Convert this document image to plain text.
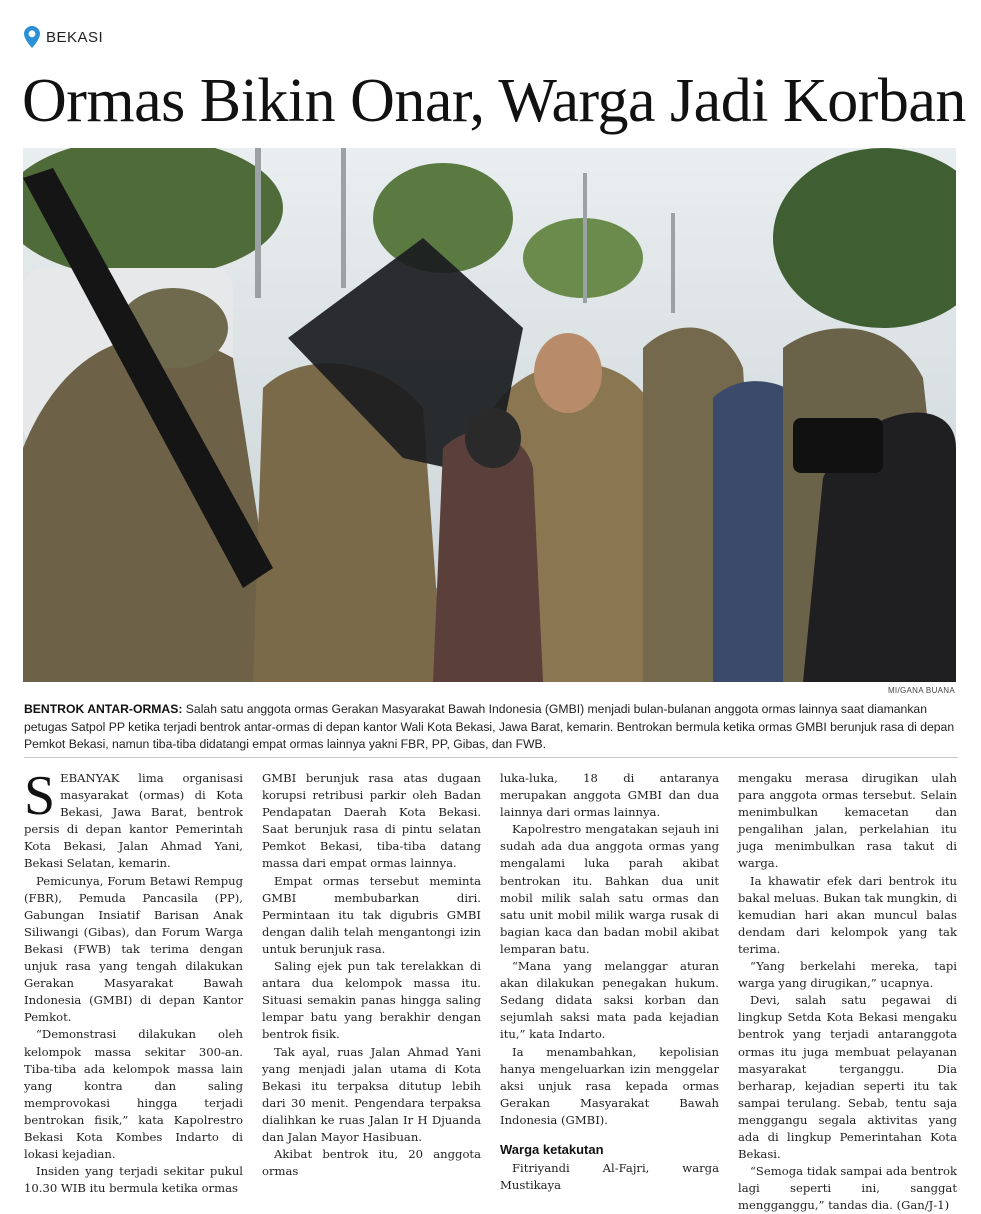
BEKASI
Ormas Bikin Onar, Warga Jadi Korban
MI/GANA BUANA

BENTROK ANTAR-ORMAS: Salah satu anggota ormas Gerakan Masyarakat Bawah Indonesia (GMBI) menjadi bulan-bulanan anggota ormas lainnya saat diamankan petugas Satpol PP ketika terjadi bentrok antar-ormas di depan kantor Wali Kota Bekasi, Jawa Barat, kemarin. Bentrokan bermula ketika ormas GMBI berunjuk rasa di depan Pemkot Bekasi, namun tiba-tiba didatangi empat ormas lainnya yakni FBR, PP, Gibas, dan FWB.

SEBANYAK lima organisasi masyarakat (ormas) di Kota Bekasi, Jawa Barat, bentrok persis di depan kantor Pemerintah Kota Bekasi, Jalan Ahmad Yani, Bekasi Selatan, kemarin.

Pemicunya, Forum Betawi Rempug (FBR), Pemuda Pancasila (PP), Gabungan Insiatif Barisan Anak Siliwangi (Gibas), dan Forum Warga Bekasi (FWB) tak terima dengan unjuk rasa yang tengah dilakukan Gerakan Masyarakat Bawah Indonesia (GMBI) di depan Kantor Pemkot.

“Demonstrasi dilakukan oleh kelompok massa sekitar 300-an. Tiba-tiba ada kelompok massa lain yang kontra dan saling memprovokasi hingga terjadi bentrokan fisik,” kata Kapolrestro Bekasi Kota Kombes Indarto di lokasi kejadian.

Insiden yang terjadi sekitar pukul 10.30 WIB itu bermula ketika ormas

GMBI berunjuk rasa atas dugaan korupsi retribusi parkir oleh Badan Pendapatan Daerah Kota Bekasi. Saat berunjuk rasa di pintu selatan Pemkot Bekasi, tiba-tiba datang massa dari empat ormas lainnya.

Empat ormas tersebut meminta GMBI membubarkan diri. Permintaan itu tak digubris GMBI dengan dalih telah mengantongi izin untuk berunjuk rasa.

Saling ejek pun tak terelakkan di antara dua kelompok massa itu. Situasi semakin panas hingga saling lempar batu yang berakhir dengan bentrok fisik.

Tak ayal, ruas Jalan Ahmad Yani yang menjadi jalan utama di Kota Bekasi itu terpaksa ditutup lebih dari 30 menit. Pengendara terpaksa dialihkan ke ruas Jalan Ir H Djuanda dan Jalan Mayor Hasibuan.

Akibat bentrok itu, 20 anggota ormas

luka-luka, 18 di antaranya merupakan anggota GMBI dan dua lainnya dari ormas lainnya.

Kapolrestro mengatakan sejauh ini sudah ada dua anggota ormas yang mengalami luka parah akibat bentrokan itu. Bahkan dua unit mobil milik salah satu ormas dan satu unit mobil milik warga rusak di bagian kaca dan badan mobil akibat lemparan batu.

“Mana yang melanggar aturan akan dilakukan penegakan hukum. Sedang didata saksi korban dan sejumlah saksi mata pada kejadian itu,” kata Indarto.

Ia menambahkan, kepolisian hanya mengeluarkan izin menggelar aksi unjuk rasa kepada ormas Gerakan Masyarakat Bawah Indonesia (GMBI).

Warga ketakutan

Fitriyandi Al-Fajri, warga Mustikaya

mengaku merasa dirugikan ulah para anggota ormas tersebut. Selain menimbulkan kemacetan dan pengalihan jalan, perkelahian itu juga menimbulkan rasa takut di warga.

Ia khawatir efek dari bentrok itu bakal meluas. Bukan tak mungkin, di kemudian hari akan muncul balas dendam dari kelompok yang tak terima.

“Yang berkelahi mereka, tapi warga yang dirugikan,” ucapnya.

Devi, salah satu pegawai di lingkup Setda Kota Bekasi mengaku bentrok yang terjadi antaranggota ormas itu juga membuat pelayanan masyarakat terganggu. Dia berharap, kejadian seperti itu tak sampai terulang. Sebab, tentu saja menggangu segala aktivitas yang ada di lingkup Pemerintahan Kota Bekasi.

“Semoga tidak sampai ada bentrok lagi seperti ini, sanggat mengganggu,” tandas dia. (Gan/J-1)
